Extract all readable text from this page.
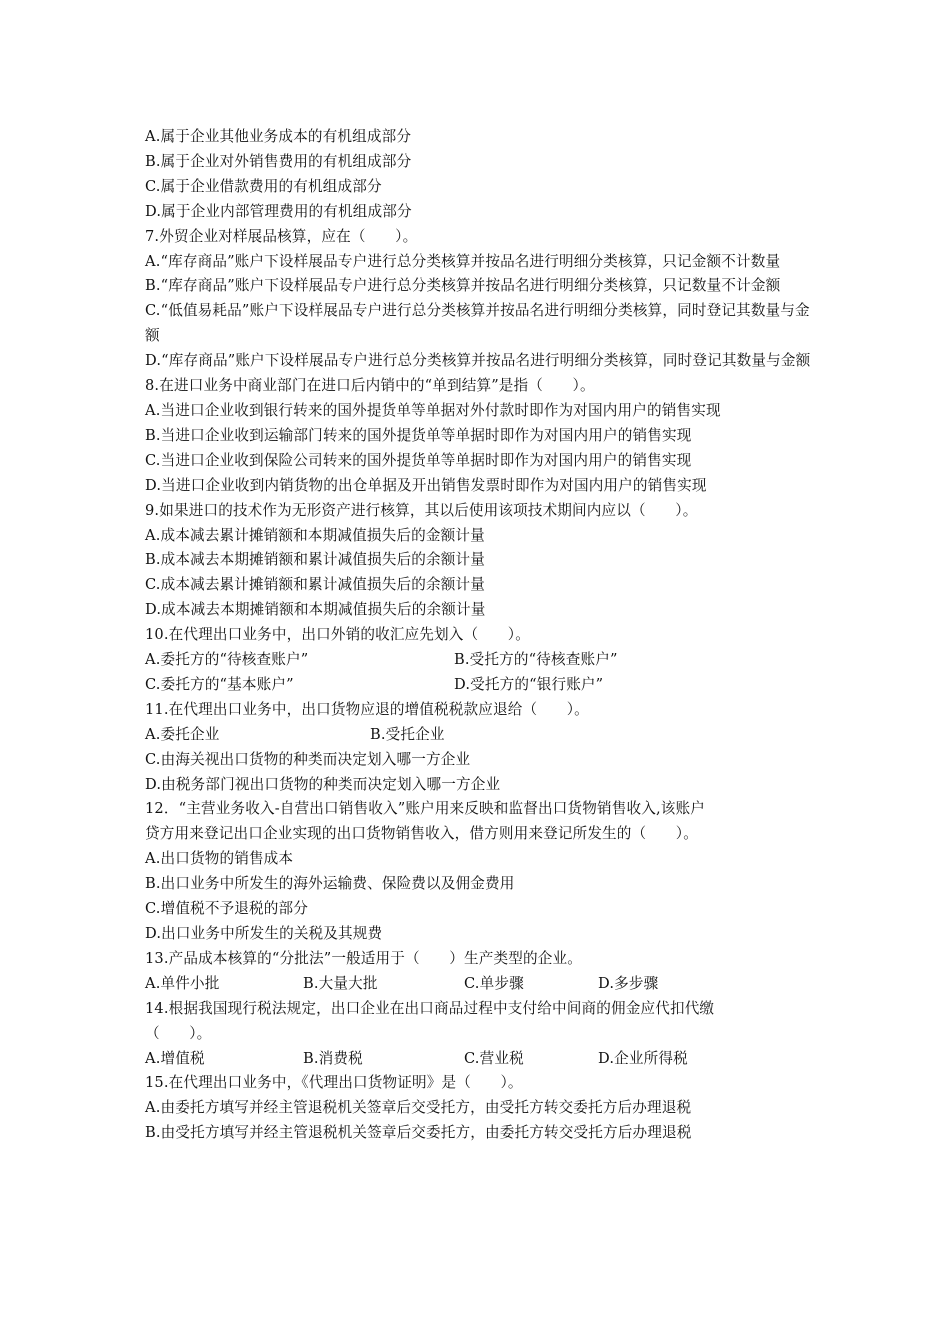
A.属于企业其他业务成本的有机组成部分
B.属于企业对外销售费用的有机组成部分
C.属于企业借款费用的有机组成部分
D.属于企业内部管理费用的有机组成部分
7.外贸企业对样展品核算，应在（　　）。
A.“库存商品”账户下设样展品专户进行总分类核算并按品名进行明细分类核算，只记金额不计数量
B.“库存商品”账户下设样展品专户进行总分类核算并按品名进行明细分类核算，只记数量不计金额
C.“低值易耗品”账户下设样展品专户进行总分类核算并按品名进行明细分类核算，同时登记其数量与金额
D.“库存商品”账户下设样展品专户进行总分类核算并按品名进行明细分类核算，同时登记其数量与金额
8.在进口业务中商业部门在进口后内销中的“单到结算”是指（　　）。
A.当进口企业收到银行转来的国外提货单等单据对外付款时即作为对国内用户的销售实现
B.当进口企业收到运输部门转来的国外提货单等单据时即作为对国内用户的销售实现
C.当进口企业收到保险公司转来的国外提货单等单据时即作为对国内用户的销售实现
D.当进口企业收到内销货物的出仓单据及开出销售发票时即作为对国内用户的销售实现
9.如果进口的技术作为无形资产进行核算，其以后使用该项技术期间内应以（　　）。
A.成本减去累计摊销额和本期减值损失后的金额计量
B.成本减去本期摊销额和累计减值损失后的余额计量
C.成本减去累计摊销额和累计减值损失后的余额计量
D.成本减去本期摊销额和本期减值损失后的余额计量
10.在代理出口业务中，出口外销的收汇应先划入（　　）。
A.委托方的“待核查账户”	B.受托方的“待核查账户”
C.委托方的“基本账户”	D.受托方的“银行账户”
11.在代理出口业务中，出口货物应退的增值税税款应退给（　　）。
A.委托企业	B.受托企业
C.由海关视出口货物的种类而决定划入哪一方企业
D.由税务部门视出口货物的种类而决定划入哪一方企业
12．“主营业务收入-自营出口销售收入”账户用来反映和监督出口货物销售收入,该账户
贷方用来登记出口企业实现的出口货物销售收入，借方则用来登记所发生的（　　）。
A.出口货物的销售成本
B.出口业务中所发生的海外运输费、保险费以及佣金费用
C.增值税不予退税的部分
D.出口业务中所发生的关税及其规费
13.产品成本核算的“分批法”一般适用于（　　）生产类型的企业。
A.单件小批	B.大量大批	C.单步骤	D.多步骤
14.根据我国现行税法规定，出口企业在出口商品过程中支付给中间商的佣金应代扣代缴
（　　）。
A.增值税	B.消费税	C.营业税	D.企业所得税
15.在代理出口业务中，《代理出口货物证明》是（　　）。
A.由委托方填写并经主管退税机关签章后交受托方，由受托方转交委托方后办理退税
B.由受托方填写并经主管退税机关签章后交委托方，由委托方转交受托方后办理退税
